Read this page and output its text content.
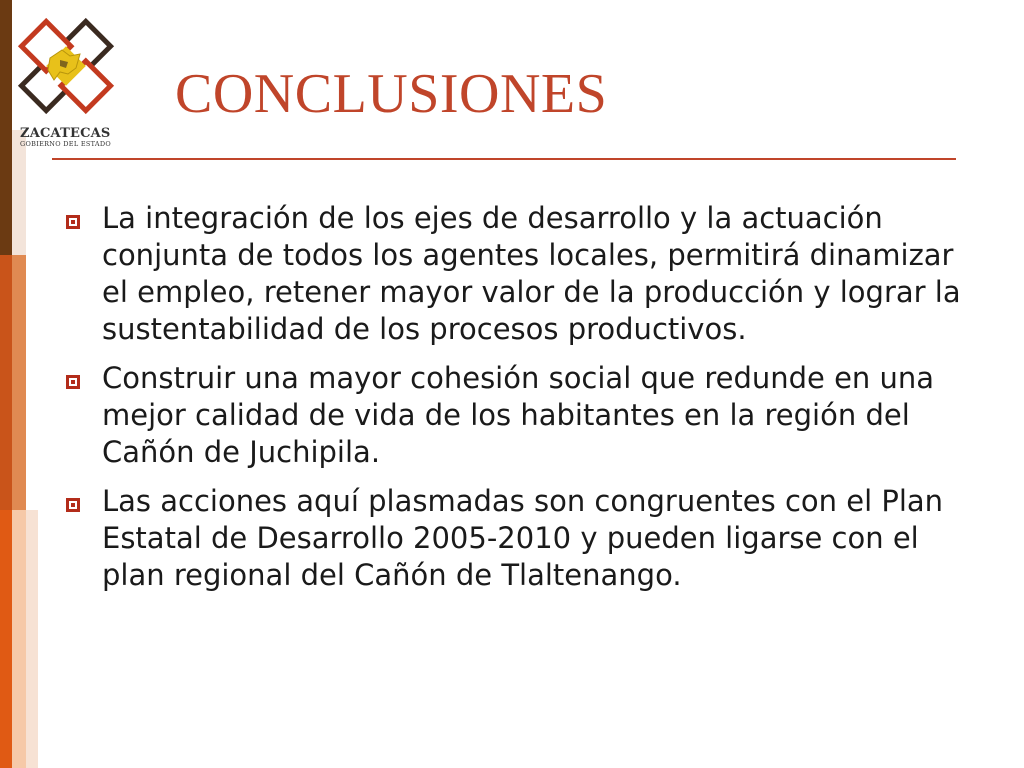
ZACATECAS
GOBIERNO DEL ESTADO
CONCLUSIONES
La integración de los ejes de desarrollo y la actuación conjunta de todos los agentes locales, permitirá dinamizar el empleo, retener mayor valor de la producción y lograr la sustentabilidad de los procesos productivos.
Construir una mayor cohesión social que redunde en una mejor calidad de vida de los habitantes en la región del Cañón de Juchipila.
Las acciones aquí plasmadas son congruentes con el Plan Estatal de Desarrollo 2005-2010 y pueden ligarse con el plan regional del Cañón de Tlaltenango.
